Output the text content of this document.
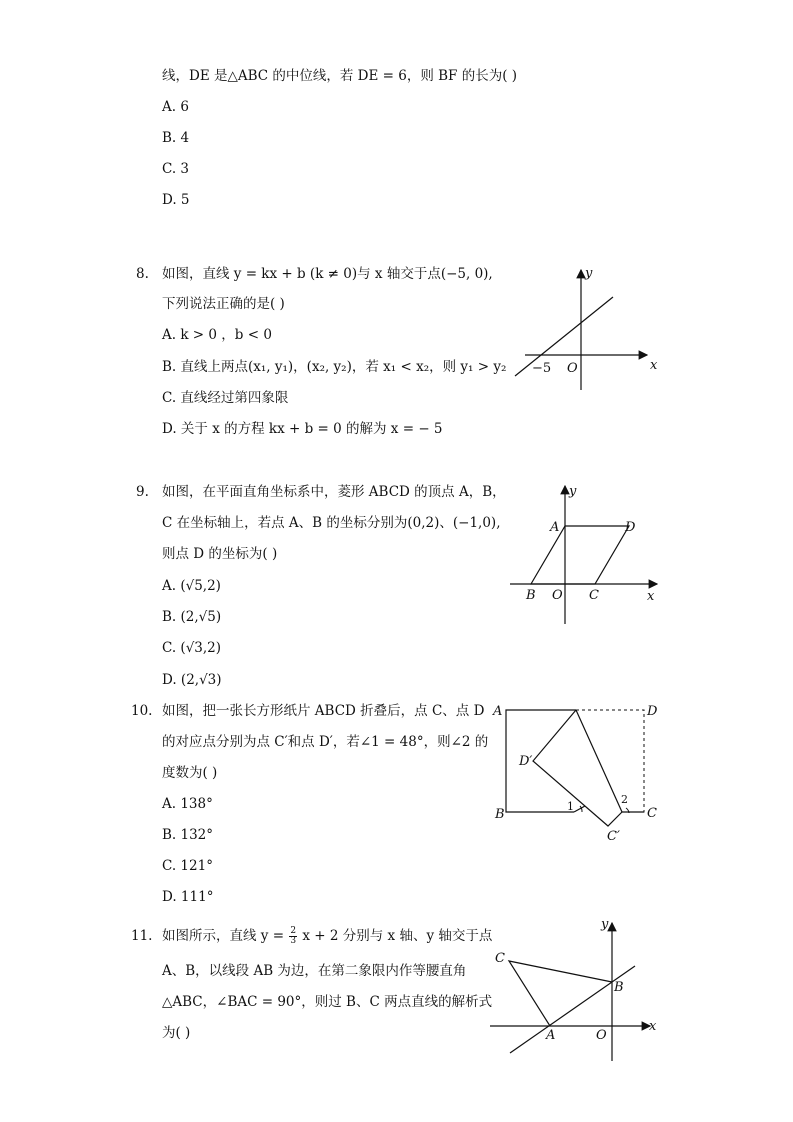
线，DE 是△ABC 的中位线，若 DE = 6，则 BF 的长为( )
A. 6
B. 4
C. 3
D. 5
8. 如图，直线 y = kx + b (k ≠ 0)与 x 轴交于点(−5, 0),
下列说法正确的是( )
A. k > 0 ，b < 0
B. 直线上两点(x₁, y₁)，(x₂, y₂)，若 x₁ < x₂，则 y₁ > y₂
C. 直线经过第四象限
D. 关于 x 的方程 kx + b = 0 的解为 x = − 5
y
x
O
−5
9. 如图，在平面直角坐标系中，菱形 ABCD 的顶点 A，B，
C 在坐标轴上，若点 A、B 的坐标分别为(0,2)、(−1,0),
则点 D 的坐标为( )
A. (√5,2)
B. (2,√5)
C. (√3,2)
D. (2,√3)
y
x
A	D
B O C
10. 如图，把一张长方形纸片 ABCD 折叠后，点 C、点 D
的对应点分别为点 C′和点 D′，若∠1 = 48°，则∠2 的
度数为( )
A. 138°
B. 132°
C. 121°
D. 111°
A	D
B	C
D′
C′
1
2
11. 如图所示，直线 $y = \frac{2}{3}$ x + 2 分别与 x 轴、y 轴交于点
A、B，以线段 AB 为边，在第二象限内作等腰直角
△ABC，∠BAC = 90°，则过 B、C 两点直线的解析式
为( )
y
x
C
B
A	O
